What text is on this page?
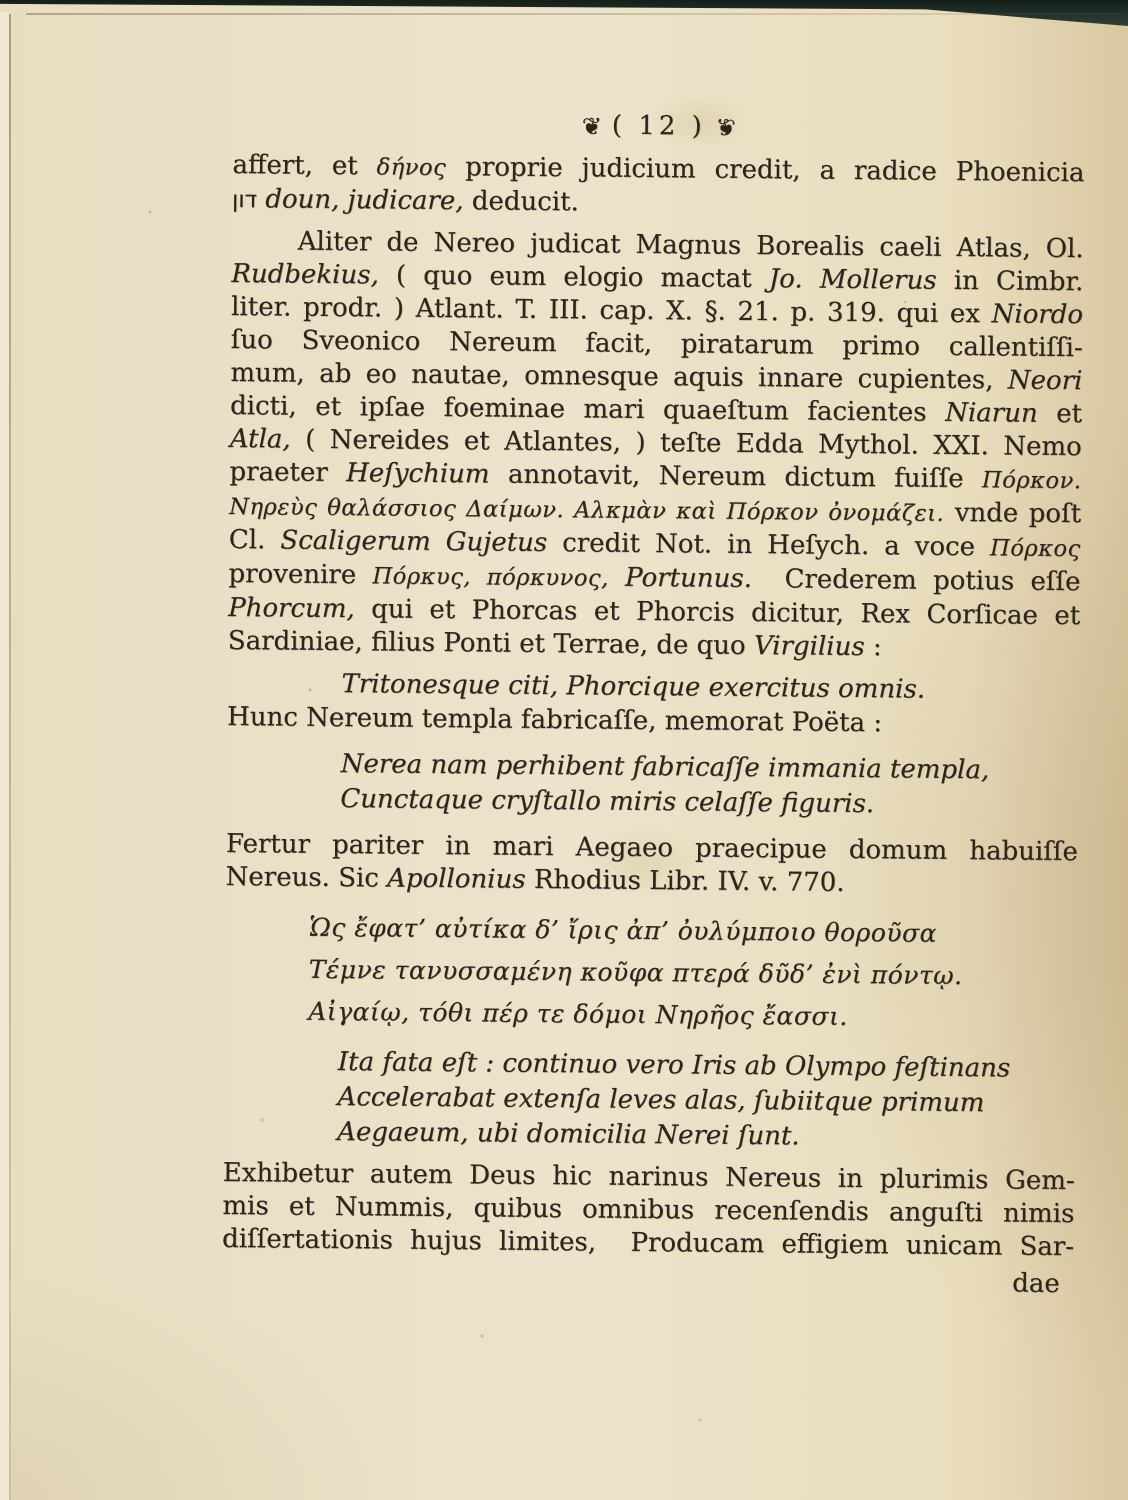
❦ ( 12 ) ❦
affert, et δήνος proprie judicium credit, a radice Phoenicia
דון doun, judicare, deducit.
Aliter de Nereo judicat Magnus Borealis caeli Atlas, Ol.
Rudbekius, ( quo eum elogio mactat Jo. Mollerus in Cimbr.
liter. prodr. ) Atlant. T. III. cap. X. §. 21. p. 319. qui ex Niordo
ſuo Sveonico Nereum facit, piratarum primo callentiſſi-
mum, ab eo nautae, omnesque aquis innare cupientes, Neori
dicti, et ipſae foeminae mari quaeſtum facientes Niarun et
Atla, ( Nereides et Atlantes, ) teſte Edda Mythol. XXI. Nemo
praeter Heſychium annotavit, Nereum dictum fuiſſe Πόρκον.
Νηρεὺς θαλάσσιος Δαίμων. Αλκμὰν καὶ Πόρκον ὀνομάζει. vnde poſt
Cl. Scaligerum Gujetus credit Not. in Heſych. a voce Πόρκος
provenire Πόρκυς, πόρκυνος, Portunus.  Crederem potius eſſe
Phorcum, qui et Phorcas et Phorcis dicitur, Rex Corſicae et
Sardiniae, filius Ponti et Terrae, de quo Virgilius :
Tritonesque citi, Phorcique exercitus omnis.
Hunc Nereum templa fabricaſſe, memorat Poëta :
Nerea nam perhibent fabricaſſe immania templa,
Cunctaque cryſtallo miris celaſſe figuris.
Fertur pariter in mari Aegaeo praecipue domum habuiſſe
Nereus. Sic Apollonius Rhodius Libr. IV. v. 770.
Ὡς ἔφατ’ αὐτίκα δ’ ἴρις ἀπ’ ὀυλύμποιο θοροῦσα
Τέμνε τανυσσαμένη κοῦφα πτερά δῦδ’ ἐνὶ πόντῳ.
Αἰγαίῳ, τόθι πέρ τε δόμοι Νηρῆος ἔασσι.
Ita fata eſt : continuo vero Iris ab Olympo feſtinans
Accelerabat extenſa leves alas, ſubiitque primum
Aegaeum, ubi domicilia Nerei ſunt.
Exhibetur autem Deus hic narinus Nereus in plurimis Gem-
mis et Nummis, quibus omnibus recenſendis anguſti nimis
diſſertationis hujus limites,  Producam effigiem unicam Sar-
dae
